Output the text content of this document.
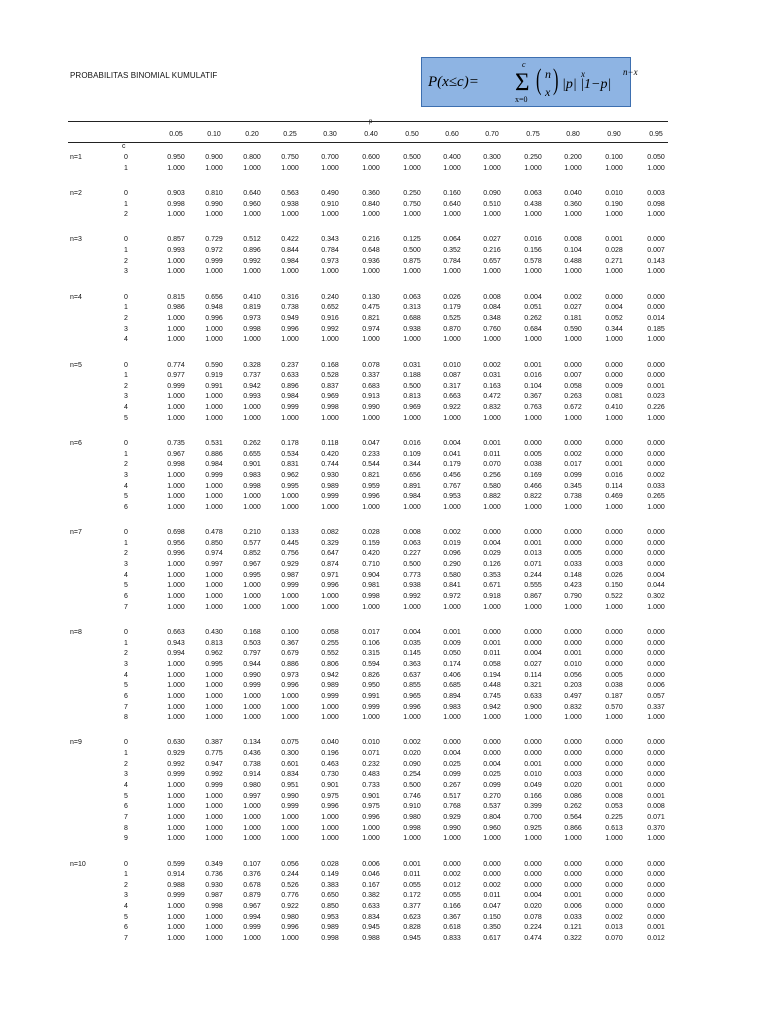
PROBABILITAS BINOMIAL KUMULATIF	P(x≤c)= Σ
c
x=0
( n
x ) |p| |1−p|
x	n−x
p
0.05	0.10	0.20	0.25	0.30	0.40	0.50	0.60	0.70	0.75	0.80	0.90	0.95
c
n=1	0	0.950	0.900	0.800	0.750	0.700	0.600	0.500	0.400	0.300	0.250	0.200	0.100	0.050
1	1.000	1.000	1.000	1.000	1.000	1.000	1.000	1.000	1.000	1.000	1.000	1.000	1.000
n=2	0	0.903	0.810	0.640	0.563	0.490	0.360	0.250	0.160	0.090	0.063	0.040	0.010	0.003
1	0.998	0.990	0.960	0.938	0.910	0.840	0.750	0.640	0.510	0.438	0.360	0.190	0.098
2	1.000	1.000	1.000	1.000	1.000	1.000	1.000	1.000	1.000	1.000	1.000	1.000	1.000
n=3	0	0.857	0.729	0.512	0.422	0.343	0.216	0.125	0.064	0.027	0.016	0.008	0.001	0.000
1	0.993	0.972	0.896	0.844	0.784	0.648	0.500	0.352	0.216	0.156	0.104	0.028	0.007
2	1.000	0.999	0.992	0.984	0.973	0.936	0.875	0.784	0.657	0.578	0.488	0.271	0.143
3	1.000	1.000	1.000	1.000	1.000	1.000	1.000	1.000	1.000	1.000	1.000	1.000	1.000
n=4	0	0.815	0.656	0.410	0.316	0.240	0.130	0.063	0.026	0.008	0.004	0.002	0.000	0.000
1	0.986	0.948	0.819	0.738	0.652	0.475	0.313	0.179	0.084	0.051	0.027	0.004	0.000
2	1.000	0.996	0.973	0.949	0.916	0.821	0.688	0.525	0.348	0.262	0.181	0.052	0.014
3	1.000	1.000	0.998	0.996	0.992	0.974	0.938	0.870	0.760	0.684	0.590	0.344	0.185
4	1.000	1.000	1.000	1.000	1.000	1.000	1.000	1.000	1.000	1.000	1.000	1.000	1.000
n=5	0	0.774	0.590	0.328	0.237	0.168	0.078	0.031	0.010	0.002	0.001	0.000	0.000	0.000
1	0.977	0.919	0.737	0.633	0.528	0.337	0.188	0.087	0.031	0.016	0.007	0.000	0.000
2	0.999	0.991	0.942	0.896	0.837	0.683	0.500	0.317	0.163	0.104	0.058	0.009	0.001
3	1.000	1.000	0.993	0.984	0.969	0.913	0.813	0.663	0.472	0.367	0.263	0.081	0.023
4	1.000	1.000	1.000	0.999	0.998	0.990	0.969	0.922	0.832	0.763	0.672	0.410	0.226
5	1.000	1.000	1.000	1.000	1.000	1.000	1.000	1.000	1.000	1.000	1.000	1.000	1.000
n=6	0	0.735	0.531	0.262	0.178	0.118	0.047	0.016	0.004	0.001	0.000	0.000	0.000	0.000
1	0.967	0.886	0.655	0.534	0.420	0.233	0.109	0.041	0.011	0.005	0.002	0.000	0.000
2	0.998	0.984	0.901	0.831	0.744	0.544	0.344	0.179	0.070	0.038	0.017	0.001	0.000
3	1.000	0.999	0.983	0.962	0.930	0.821	0.656	0.456	0.256	0.169	0.099	0.016	0.002
4	1.000	1.000	0.998	0.995	0.989	0.959	0.891	0.767	0.580	0.466	0.345	0.114	0.033
5	1.000	1.000	1.000	1.000	0.999	0.996	0.984	0.953	0.882	0.822	0.738	0.469	0.265
6	1.000	1.000	1.000	1.000	1.000	1.000	1.000	1.000	1.000	1.000	1.000	1.000	1.000
n=7	0	0.698	0.478	0.210	0.133	0.082	0.028	0.008	0.002	0.000	0.000	0.000	0.000	0.000
1	0.956	0.850	0.577	0.445	0.329	0.159	0.063	0.019	0.004	0.001	0.000	0.000	0.000
2	0.996	0.974	0.852	0.756	0.647	0.420	0.227	0.096	0.029	0.013	0.005	0.000	0.000
3	1.000	0.997	0.967	0.929	0.874	0.710	0.500	0.290	0.126	0.071	0.033	0.003	0.000
4	1.000	1.000	0.995	0.987	0.971	0.904	0.773	0.580	0.353	0.244	0.148	0.026	0.004
5	1.000	1.000	1.000	0.999	0.996	0.981	0.938	0.841	0.671	0.555	0.423	0.150	0.044
6	1.000	1.000	1.000	1.000	1.000	0.998	0.992	0.972	0.918	0.867	0.790	0.522	0.302
7	1.000	1.000	1.000	1.000	1.000	1.000	1.000	1.000	1.000	1.000	1.000	1.000	1.000
n=8	0	0.663	0.430	0.168	0.100	0.058	0.017	0.004	0.001	0.000	0.000	0.000	0.000	0.000
1	0.943	0.813	0.503	0.367	0.255	0.106	0.035	0.009	0.001	0.000	0.000	0.000	0.000
2	0.994	0.962	0.797	0.679	0.552	0.315	0.145	0.050	0.011	0.004	0.001	0.000	0.000
3	1.000	0.995	0.944	0.886	0.806	0.594	0.363	0.174	0.058	0.027	0.010	0.000	0.000
4	1.000	1.000	0.990	0.973	0.942	0.826	0.637	0.406	0.194	0.114	0.056	0.005	0.000
5	1.000	1.000	0.999	0.996	0.989	0.950	0.855	0.685	0.448	0.321	0.203	0.038	0.006
6	1.000	1.000	1.000	1.000	0.999	0.991	0.965	0.894	0.745	0.633	0.497	0.187	0.057
7	1.000	1.000	1.000	1.000	1.000	0.999	0.996	0.983	0.942	0.900	0.832	0.570	0.337
8	1.000	1.000	1.000	1.000	1.000	1.000	1.000	1.000	1.000	1.000	1.000	1.000	1.000
n=9	0	0.630	0.387	0.134	0.075	0.040	0.010	0.002	0.000	0.000	0.000	0.000	0.000	0.000
1	0.929	0.775	0.436	0.300	0.196	0.071	0.020	0.004	0.000	0.000	0.000	0.000	0.000
2	0.992	0.947	0.738	0.601	0.463	0.232	0.090	0.025	0.004	0.001	0.000	0.000	0.000
3	0.999	0.992	0.914	0.834	0.730	0.483	0.254	0.099	0.025	0.010	0.003	0.000	0.000
4	1.000	0.999	0.980	0.951	0.901	0.733	0.500	0.267	0.099	0.049	0.020	0.001	0.000
5	1.000	1.000	0.997	0.990	0.975	0.901	0.746	0.517	0.270	0.166	0.086	0.008	0.001
6	1.000	1.000	1.000	0.999	0.996	0.975	0.910	0.768	0.537	0.399	0.262	0.053	0.008
7	1.000	1.000	1.000	1.000	1.000	0.996	0.980	0.929	0.804	0.700	0.564	0.225	0.071
8	1.000	1.000	1.000	1.000	1.000	1.000	0.998	0.990	0.960	0.925	0.866	0.613	0.370
9	1.000	1.000	1.000	1.000	1.000	1.000	1.000	1.000	1.000	1.000	1.000	1.000	1.000
n=10	0	0.599	0.349	0.107	0.056	0.028	0.006	0.001	0.000	0.000	0.000	0.000	0.000	0.000
1	0.914	0.736	0.376	0.244	0.149	0.046	0.011	0.002	0.000	0.000	0.000	0.000	0.000
2	0.988	0.930	0.678	0.526	0.383	0.167	0.055	0.012	0.002	0.000	0.000	0.000	0.000
3	0.999	0.987	0.879	0.776	0.650	0.382	0.172	0.055	0.011	0.004	0.001	0.000	0.000
4	1.000	0.998	0.967	0.922	0.850	0.633	0.377	0.166	0.047	0.020	0.006	0.000	0.000
5	1.000	1.000	0.994	0.980	0.953	0.834	0.623	0.367	0.150	0.078	0.033	0.002	0.000
6	1.000	1.000	0.999	0.996	0.989	0.945	0.828	0.618	0.350	0.224	0.121	0.013	0.001
7	1.000	1.000	1.000	1.000	0.998	0.988	0.945	0.833	0.617	0.474	0.322	0.070	0.012
